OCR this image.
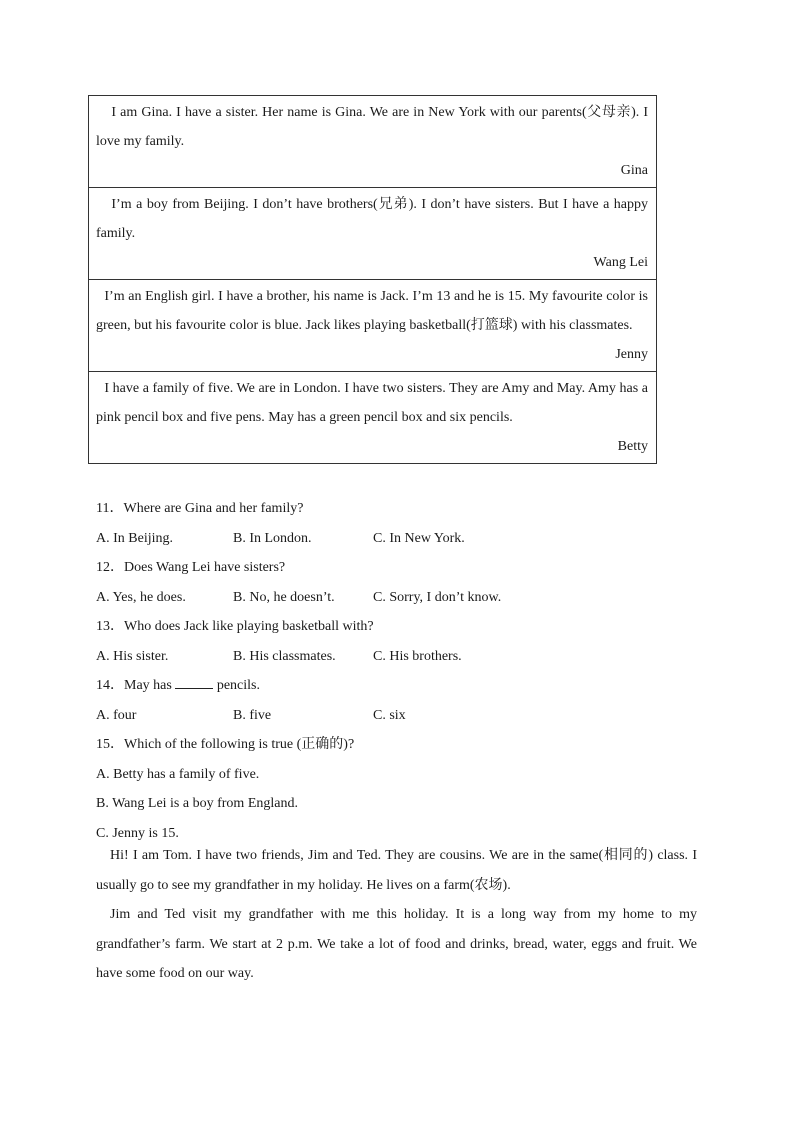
I am Gina. I have a sister. Her name is Gina. We are in New York with our parents(父母亲). I love my family.

Gina

I’m a boy from Beijing. I don’t have brothers(兄弟). I don’t have sisters. But I have a happy family.

Wang Lei

I’m an English girl. I have a brother, his name is Jack. I’m 13 and he is 15. My favourite color is green, but his favourite color is blue. Jack likes playing basketball(打篮球) with his classmates.

Jenny

I have a family of five. We are in London. I have two sisters. They are Amy and May. Amy has a pink pencil box and five pens. May has a green pencil box and six pencils.

Betty

11．Where are Gina and her family?
A. In Beijing.	B. In London.	C. In New York.
12．Does Wang Lei have sisters?
A. Yes, he does.	B. No, he doesn’t.	C. Sorry, I don’t know.
13．Who does Jack like playing basketball with?
A. His sister.	B. His classmates.	C. His brothers.
14．May has	pencils.
A. four	B. five	C. six
15．Which of the following is true (正确的)?
A. Betty has a family of five.
B. Wang Lei is a boy from England.
C. Jenny is 15.

Hi! I am Tom. I have two friends, Jim and Ted. They are cousins. We are in the same(相同的) class. I usually go to see my grandfather in my holiday. He lives on a farm(农场).

Jim and Ted visit my grandfather with me this holiday. It is a long way from my home to my grandfather’s farm. We start at 2 p.m. We take a lot of food and drinks, bread, water, eggs and fruit. We have some food on our way.
